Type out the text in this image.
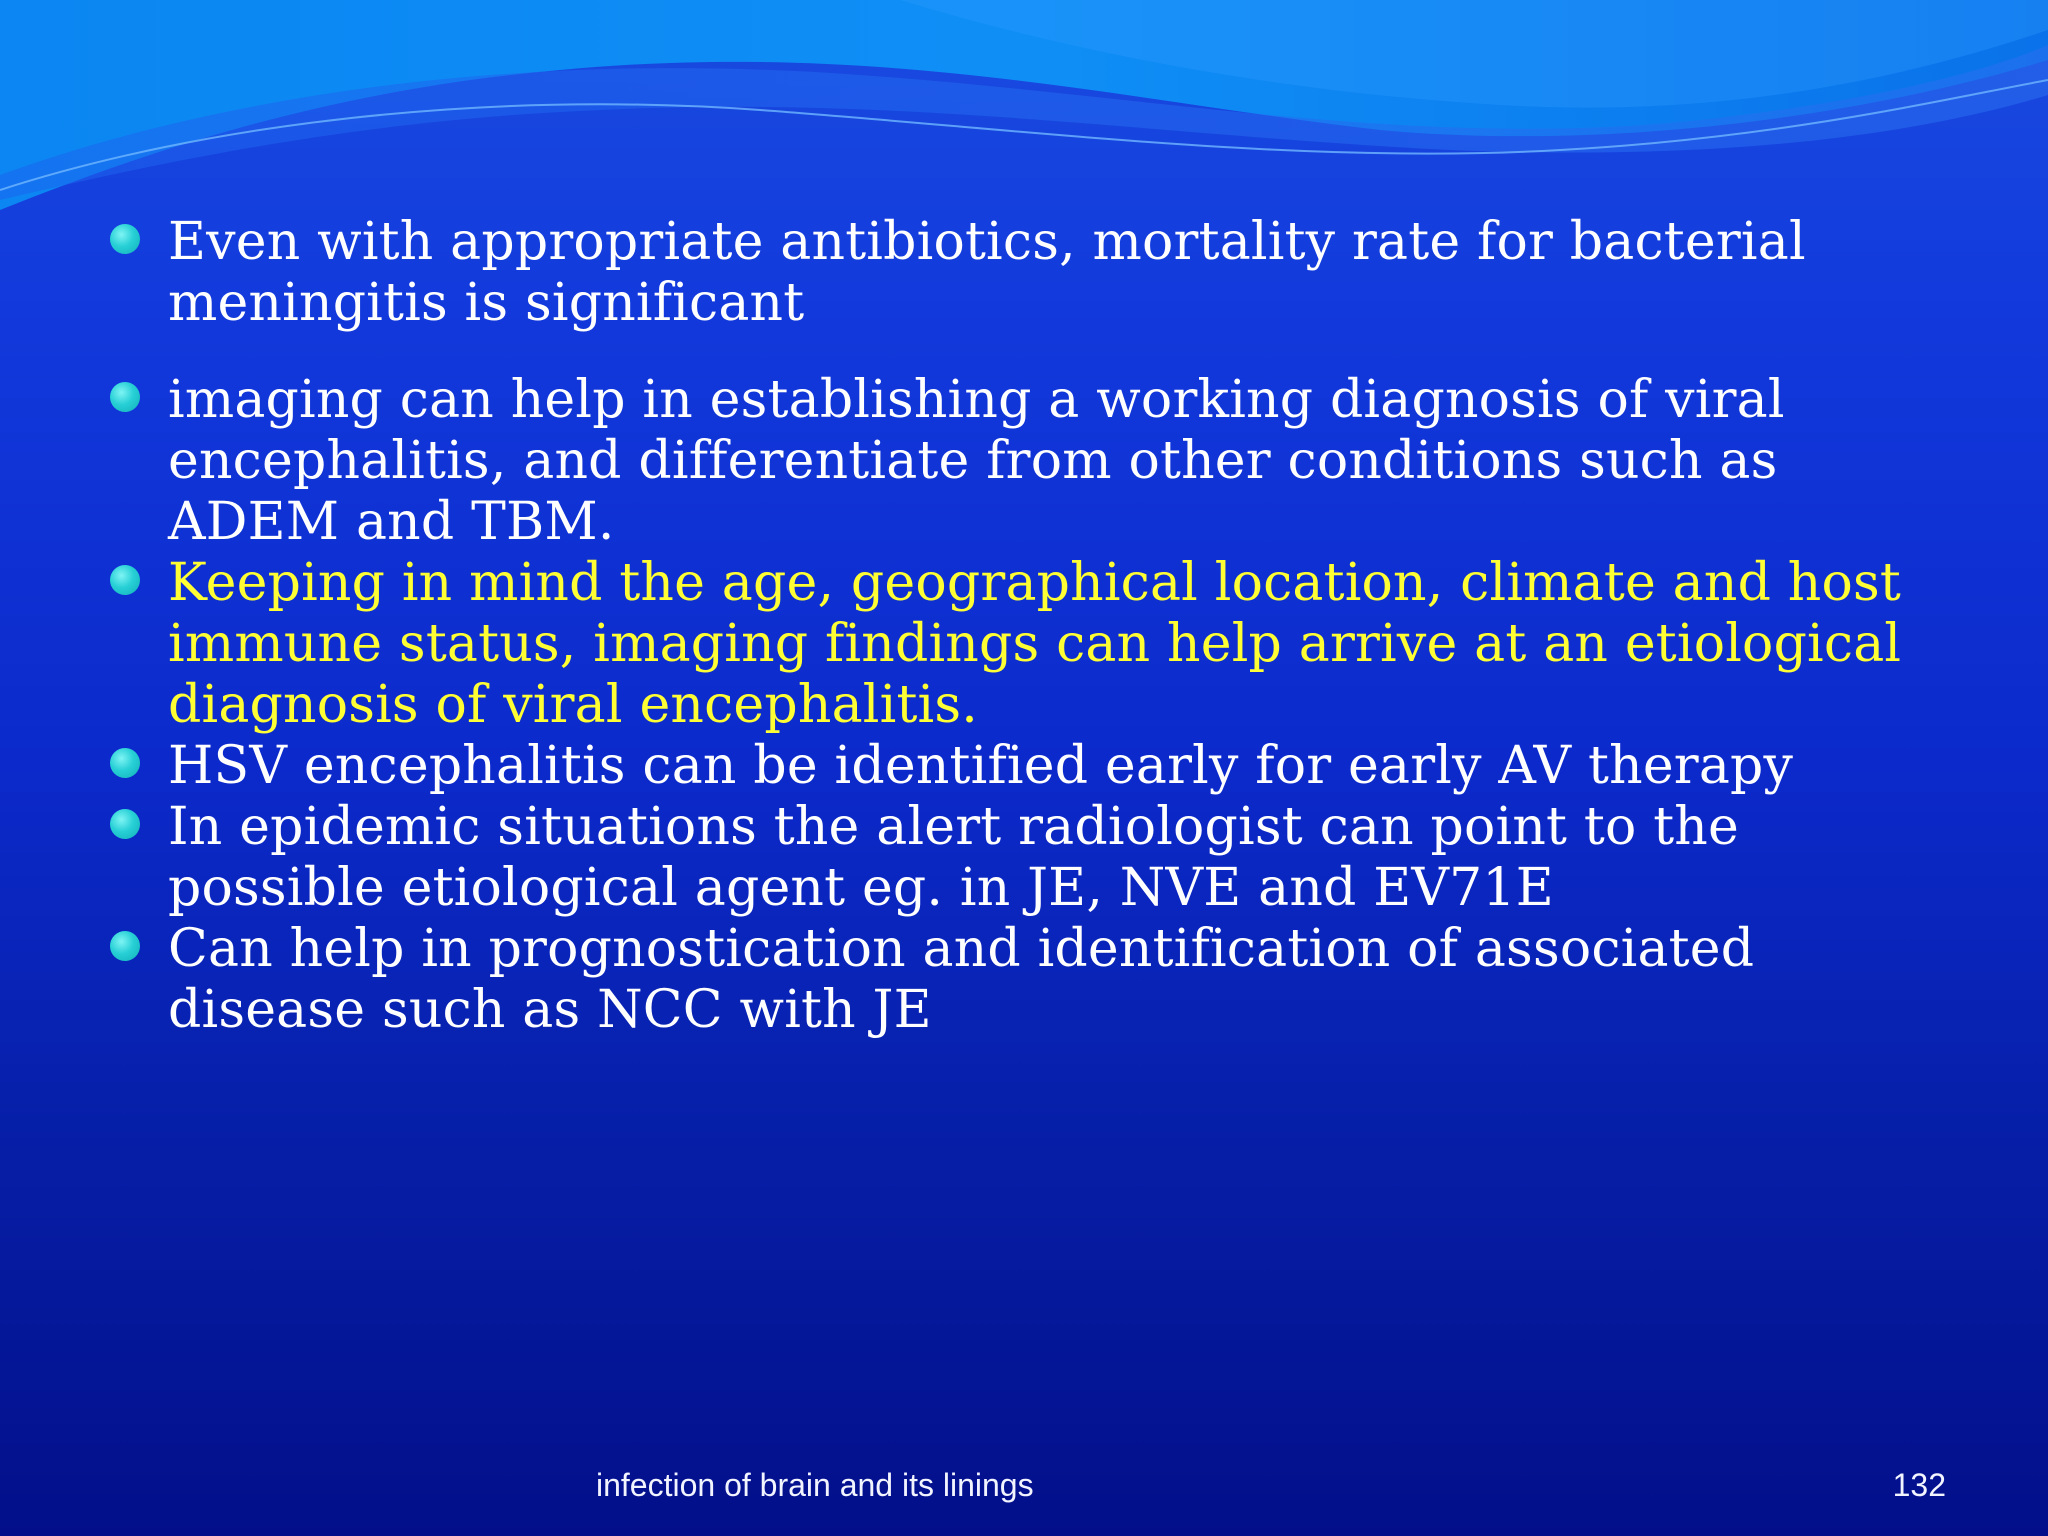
Even with appropriate antibiotics, mortality rate for bacterial meningitis is significant
imaging can help in establishing a working diagnosis of viral encephalitis, and differentiate from other conditions such as ADEM and TBM.
Keeping in mind the age, geographical location, climate and host immune status, imaging findings can help arrive at an etiological diagnosis of viral encephalitis.
HSV encephalitis can be identified early for early AV therapy
In epidemic situations the alert radiologist can point to the possible etiological agent eg. in JE, NVE and EV71E
Can help in prognostication and identification of associated disease such as NCC with JE
infection of brain and its linings	132
